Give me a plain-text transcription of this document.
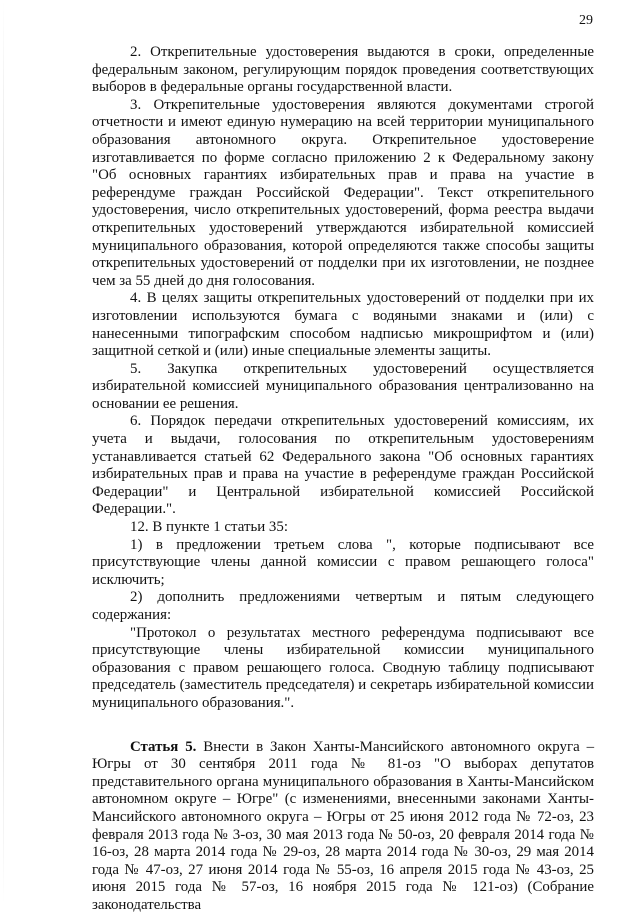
29

2. Открепительные удостоверения выдаются в сроки, определенные федеральным законом, регулирующим порядок проведения соответствующих выборов в федеральные органы государственной власти.

3. Открепительные удостоверения являются документами строгой отчетности и имеют единую нумерацию на всей территории муниципального образования автономного округа. Открепительное удостоверение изготавливается по форме согласно приложению 2 к Федеральному закону "Об основных гарантиях избирательных прав и права на участие в референдуме граждан Российской Федерации". Текст открепительного удостоверения, число открепительных удостоверений, форма реестра выдачи открепительных удостоверений утверждаются избирательной комиссией муниципального образования, которой определяются также способы защиты открепительных удостоверений от подделки при их изготовлении, не позднее чем за 55 дней до дня голосования.

4. В целях защиты открепительных удостоверений от подделки при их изготовлении используются бумага с водяными знаками и (или) с нанесенными типографским способом надписью микрошрифтом и (или) защитной сеткой и (или) иные специальные элементы защиты.

5. Закупка открепительных удостоверений осуществляется избирательной комиссией муниципального образования централизованно на основании ее решения.

6. Порядок передачи открепительных удостоверений комиссиям, их учета и выдачи, голосования по открепительным удостоверениям устанавливается статьей 62 Федерального закона "Об основных гарантиях избирательных прав и права на участие в референдуме граждан Российской Федерации" и Центральной избирательной комиссией Российской Федерации.".

12. В пункте 1 статьи 35:

1) в предложении третьем слова ", которые подписывают все присутствующие члены данной комиссии с правом решающего голоса" исключить;

2) дополнить предложениями четвертым и пятым следующего содержания:

"Протокол о результатах местного референдума подписывают все присутствующие члены избирательной комиссии муниципального образования с правом решающего голоса. Сводную таблицу подписывают председатель (заместитель председателя) и секретарь избирательной комиссии муниципального образования.".

Статья 5. Внести в Закон Ханты-Мансийского автономного округа – Югры от 30 сентября 2011 года № 81-оз "О выборах депутатов представительного органа муниципального образования в Ханты-Мансийском автономном округе – Югре" (с изменениями, внесенными законами Ханты-Мансийского автономного округа – Югры от 25 июня 2012 года № 72-оз, 23 февраля 2013 года № 3-оз, 30 мая 2013 года № 50-оз, 20 февраля 2014 года № 16-оз, 28 марта 2014 года № 29-оз, 28 марта 2014 года № 30-оз, 29 мая 2014 года № 47-оз, 27 июня 2014 года № 55-оз, 16 апреля 2015 года № 43-оз, 25 июня 2015 года № 57-оз, 16 ноября 2015 года № 121-оз) (Собрание законодательства
